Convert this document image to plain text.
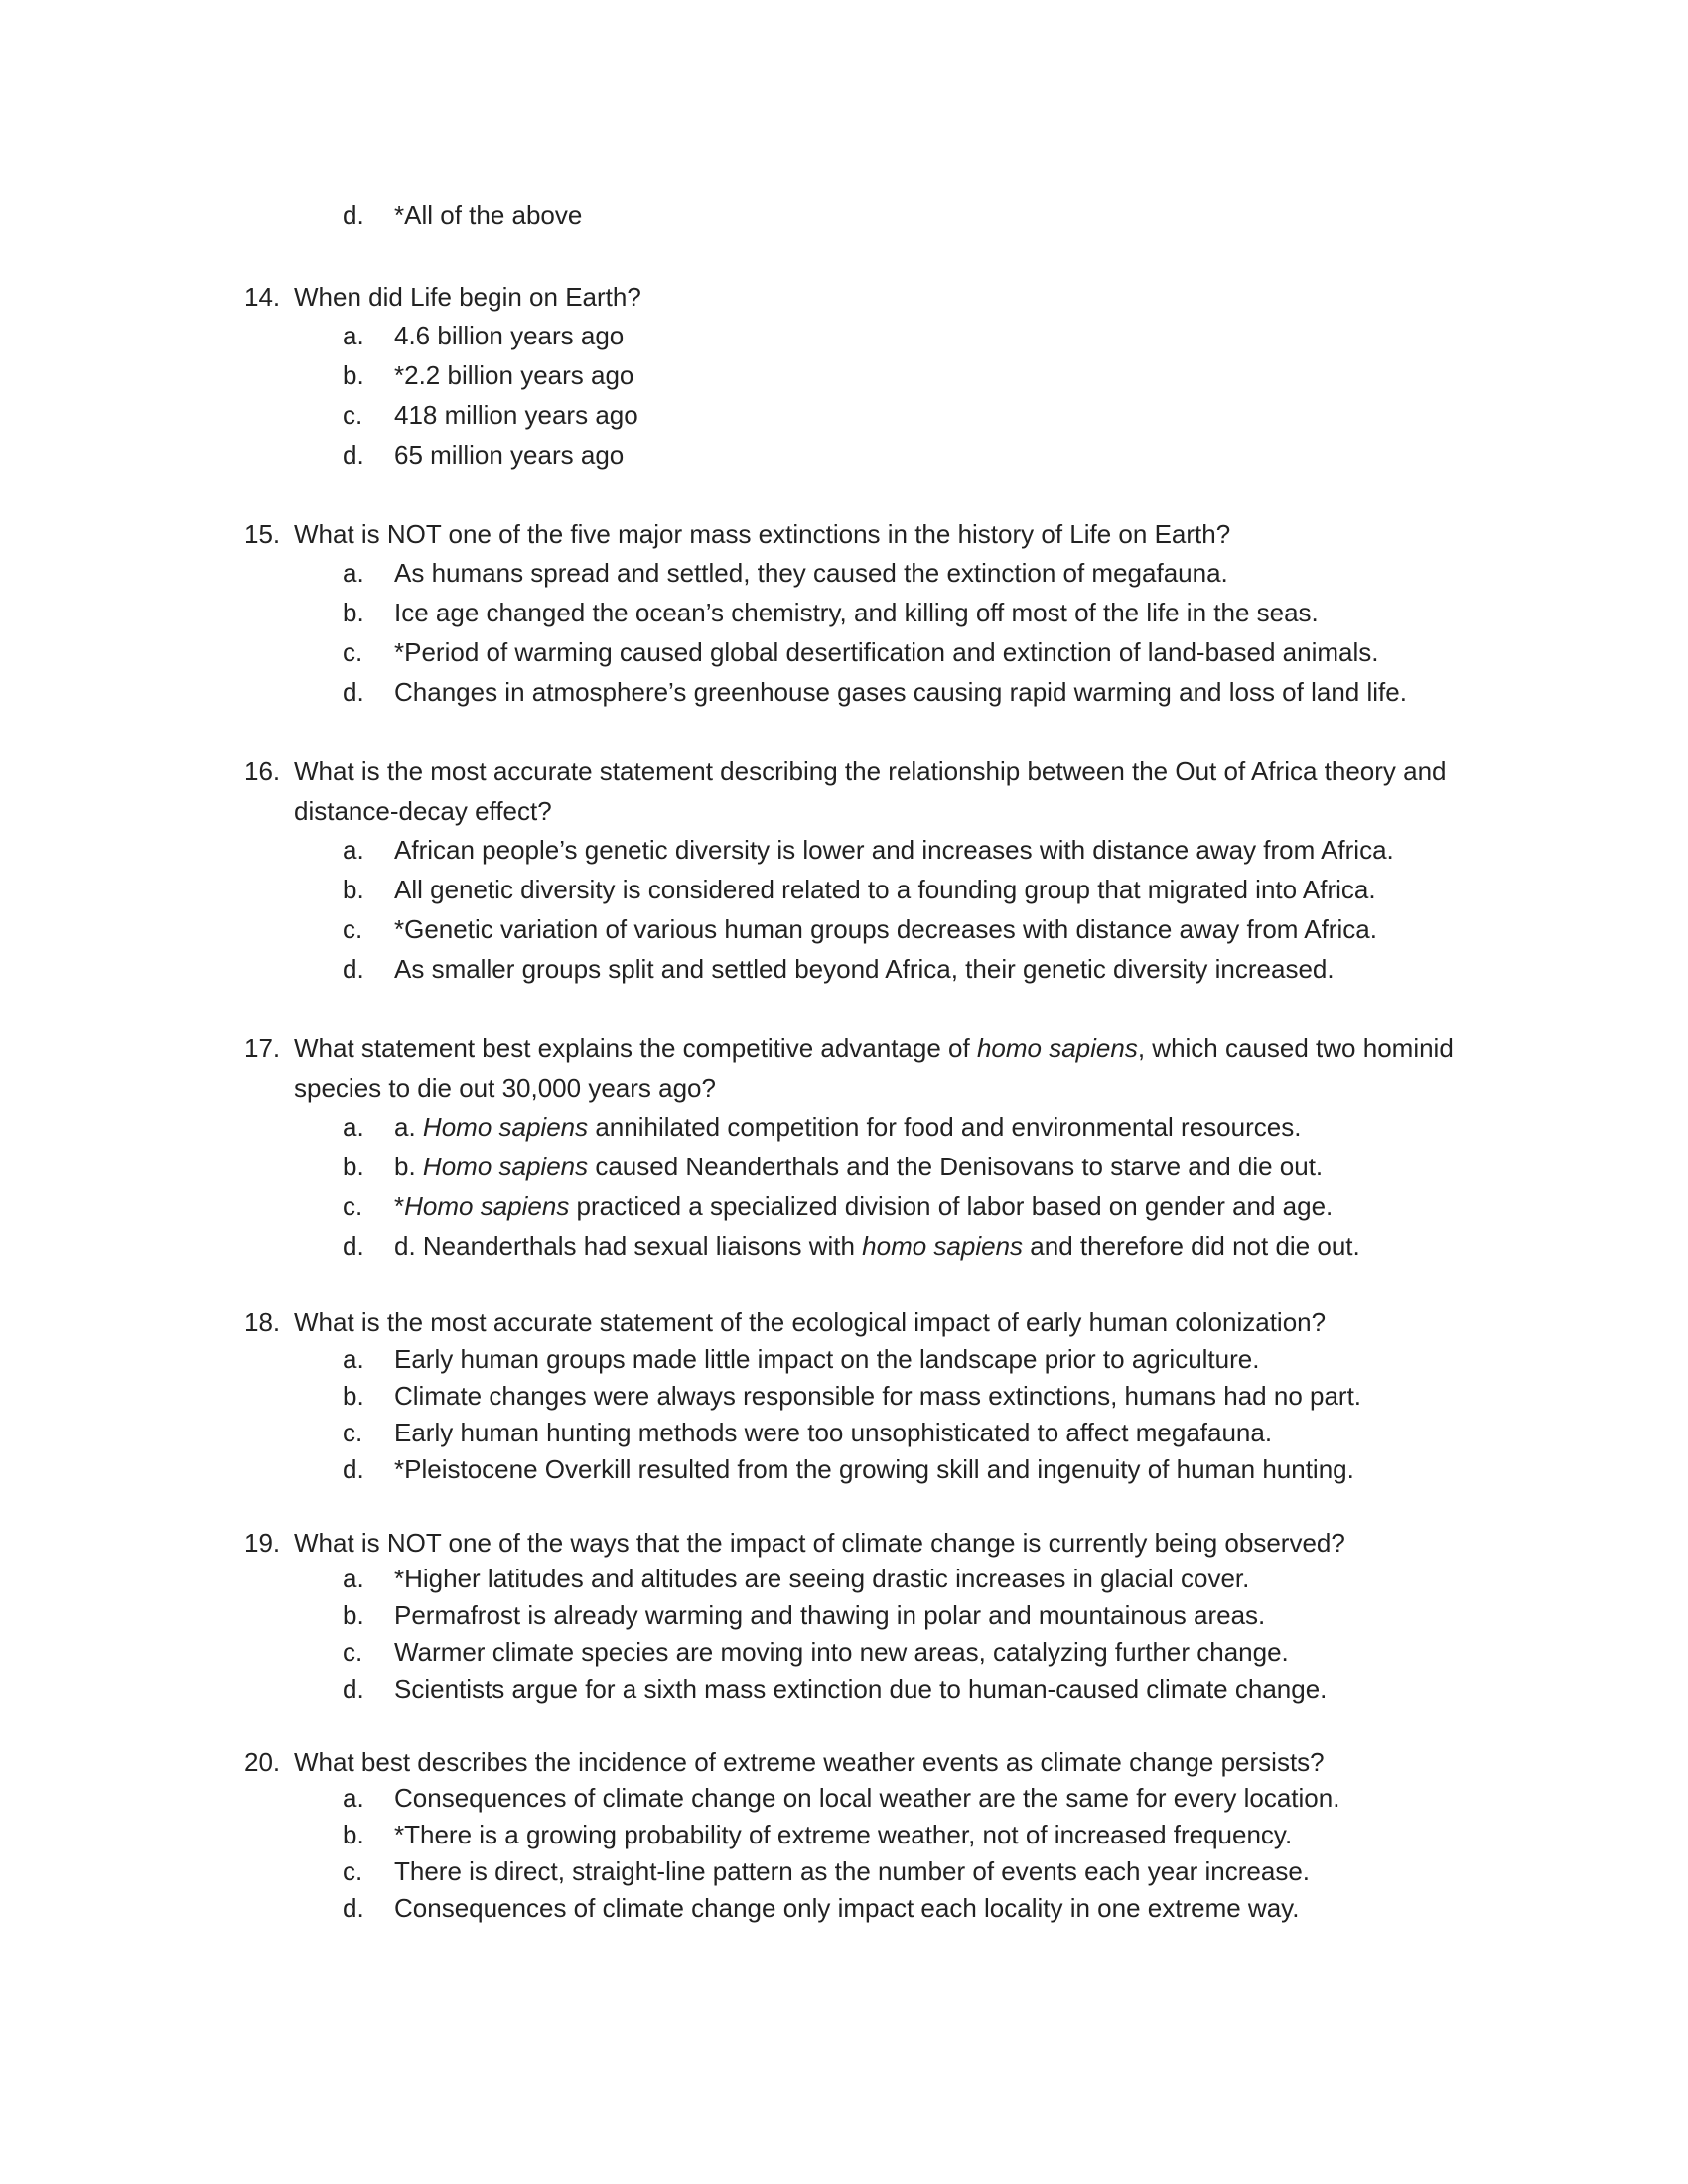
d. *All of the above
14. When did Life begin on Earth?
a. 4.6 billion years ago
b. *2.2 billion years ago
c. 418 million years ago
d. 65 million years ago
15. What is NOT one of the five major mass extinctions in the history of Life on Earth?
a. As humans spread and settled, they caused the extinction of megafauna.
b. Ice age changed the ocean’s chemistry, and killing off most of the life in the seas.
c. *Period of warming caused global desertification and extinction of land-based animals.
d. Changes in atmosphere’s greenhouse gases causing rapid warming and loss of land life.
16. What is the most accurate statement describing the relationship between the Out of Africa theory and distance-decay effect?
a. African people’s genetic diversity is lower and increases with distance away from Africa.
b. All genetic diversity is considered related to a founding group that migrated into Africa.
c. *Genetic variation of various human groups decreases with distance away from Africa.
d. As smaller groups split and settled beyond Africa, their genetic diversity increased.
17. What statement best explains the competitive advantage of homo sapiens, which caused two hominid species to die out 30,000 years ago?
a. a. Homo sapiens annihilated competition for food and environmental resources.
b. b. Homo sapiens caused Neanderthals and the Denisovans to starve and die out.
c. *Homo sapiens practiced a specialized division of labor based on gender and age.
d. d. Neanderthals had sexual liaisons with homo sapiens and therefore did not die out.
18. What is the most accurate statement of the ecological impact of early human colonization?
a. Early human groups made little impact on the landscape prior to agriculture.
b. Climate changes were always responsible for mass extinctions, humans had no part.
c. Early human hunting methods were too unsophisticated to affect megafauna.
d. *Pleistocene Overkill resulted from the growing skill and ingenuity of human hunting.
19. What is NOT one of the ways that the impact of climate change is currently being observed?
a. *Higher latitudes and altitudes are seeing drastic increases in glacial cover.
b. Permafrost is already warming and thawing in polar and mountainous areas.
c. Warmer climate species are moving into new areas, catalyzing further change.
d. Scientists argue for a sixth mass extinction due to human-caused climate change.
20. What best describes the incidence of extreme weather events as climate change persists?
a. Consequences of climate change on local weather are the same for every location.
b. *There is a growing probability of extreme weather, not of increased frequency.
c. There is direct, straight-line pattern as the number of events each year increase.
d. Consequences of climate change only impact each locality in one extreme way.
